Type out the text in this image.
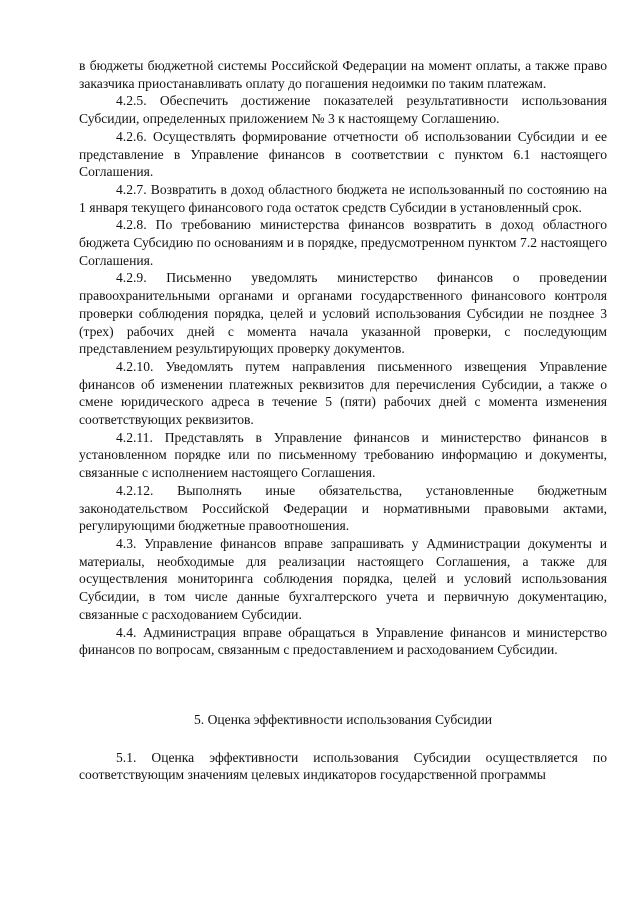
в бюджеты бюджетной системы Российской Федерации на момент оплаты, а также право заказчика приостанавливать оплату до погашения недоимки по таким платежам.

4.2.5. Обеспечить достижение показателей результативности использования Субсидии, определенных приложением № 3 к настоящему Соглашению.

4.2.6. Осуществлять формирование отчетности об использовании Субсидии и ее представление в Управление финансов в соответствии с пунктом 6.1 настоящего Соглашения.

4.2.7. Возвратить в доход областного бюджета не использованный по состоянию на 1 января текущего финансового года остаток средств Субсидии в установленный срок.

4.2.8. По требованию министерства финансов возвратить в доход областного бюджета Субсидию по основаниям и в порядке, предусмотренном пунктом 7.2 настоящего Соглашения.

4.2.9. Письменно уведомлять министерство финансов о проведении правоохранительными органами и органами государственного финансового контроля проверки соблюдения порядка, целей и условий использования Субсидии не позднее 3 (трех) рабочих дней с момента начала указанной проверки, с последующим представлением результирующих проверку документов.

4.2.10. Уведомлять путем направления письменного извещения Управление финансов об изменении платежных реквизитов для перечисления Субсидии, а также о смене юридического адреса в течение 5 (пяти) рабочих дней с момента изменения соответствующих реквизитов.

4.2.11. Представлять в Управление финансов и министерство финансов в установленном порядке или по письменному требованию информацию и документы, связанные с исполнением настоящего Соглашения.

4.2.12. Выполнять иные обязательства, установленные бюджетным законодательством Российской Федерации и нормативными правовыми актами, регулирующими бюджетные правоотношения.

4.3. Управление финансов вправе запрашивать у Администрации документы и материалы, необходимые для реализации настоящего Соглашения, а также для осуществления мониторинга соблюдения порядка, целей и условий использования Субсидии, в том числе данные бухгалтерского учета и первичную документацию, связанные с расходованием Субсидии.

4.4. Администрация вправе обращаться в Управление финансов и министерство финансов по вопросам, связанным с предоставлением и расходованием Субсидии.

5. Оценка эффективности использования Субсидии

5.1. Оценка эффективности использования Субсидии осуществляется по соответствующим значениям целевых индикаторов государственной программы
